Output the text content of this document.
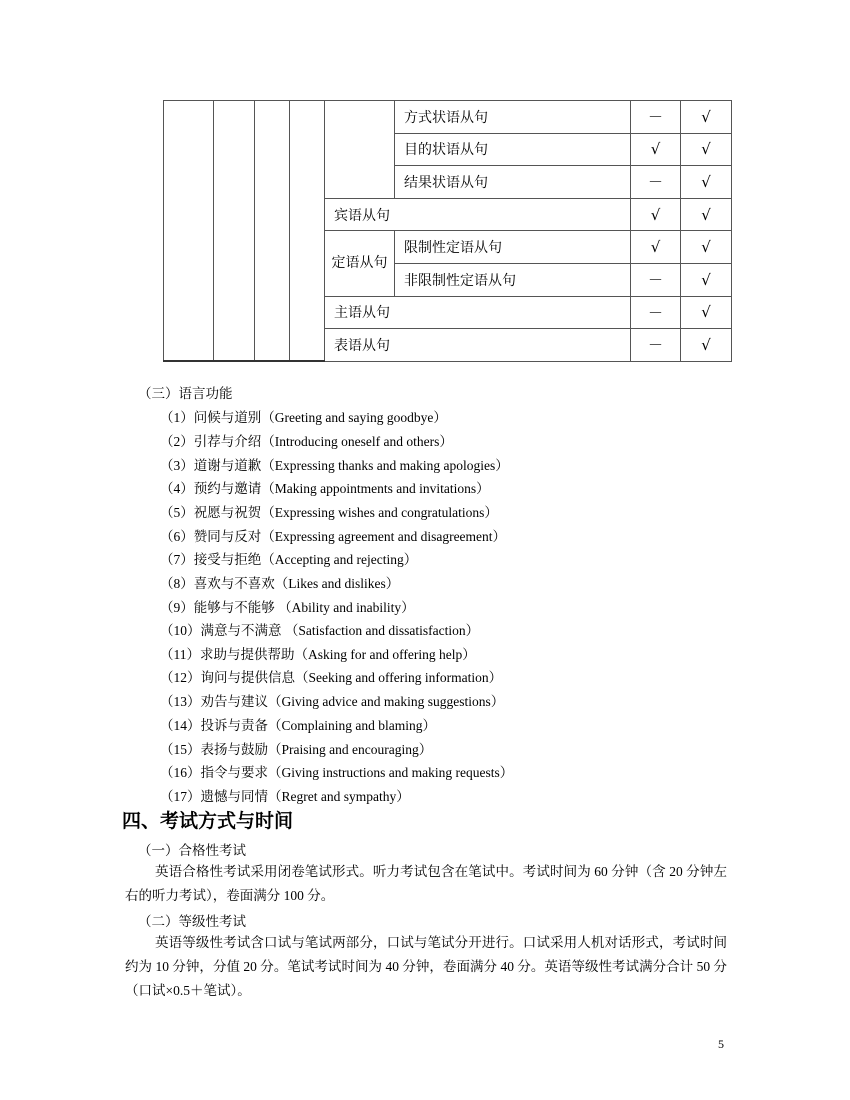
					方式状语从句	－	√
					目的状语从句	√	√
					结果状语从句	－	√
				宾语从句		√	√
				定语从句	限制性定语从句	√	√
					非限制性定语从句	－	√
				主语从句		－	√
				表语从句		－	√
（三）语言功能
（1）问候与道别（Greeting and saying goodbye）
（2）引荐与介绍（Introducing oneself and others）
（3）道谢与道歉（Expressing thanks and making apologies）
（4）预约与邀请（Making appointments and invitations）
（5）祝愿与祝贺（Expressing wishes and congratulations）
（6）赞同与反对（Expressing agreement and disagreement）
（7）接受与拒绝（Accepting and rejecting）
（8）喜欢与不喜欢（Likes and dislikes）
（9）能够与不能够 （Ability and inability）
（10）满意与不满意 （Satisfaction and dissatisfaction）
（11）求助与提供帮助（Asking for and offering help）
（12）询问与提供信息（Seeking and offering information）
（13）劝告与建议（Giving advice and making suggestions）
（14）投诉与责备（Complaining and blaming）
（15）表扬与鼓励（Praising and encouraging）
（16）指令与要求（Giving instructions and making requests）
（17）遗憾与同情（Regret and sympathy）
四、考试方式与时间
（一）合格性考试
英语合格性考试采用闭卷笔试形式。听力考试包含在笔试中。考试时间为 60 分钟（含 20 分钟左右的听力考试），卷面满分 100 分。
（二）等级性考试
英语等级性考试含口试与笔试两部分，口试与笔试分开进行。口试采用人机对话形式，考试时间约为 10 分钟，分值 20 分。笔试考试时间为 40 分钟，卷面满分 40 分。英语等级性考试满分合计 50 分（口试×0.5＋笔试）。
5
